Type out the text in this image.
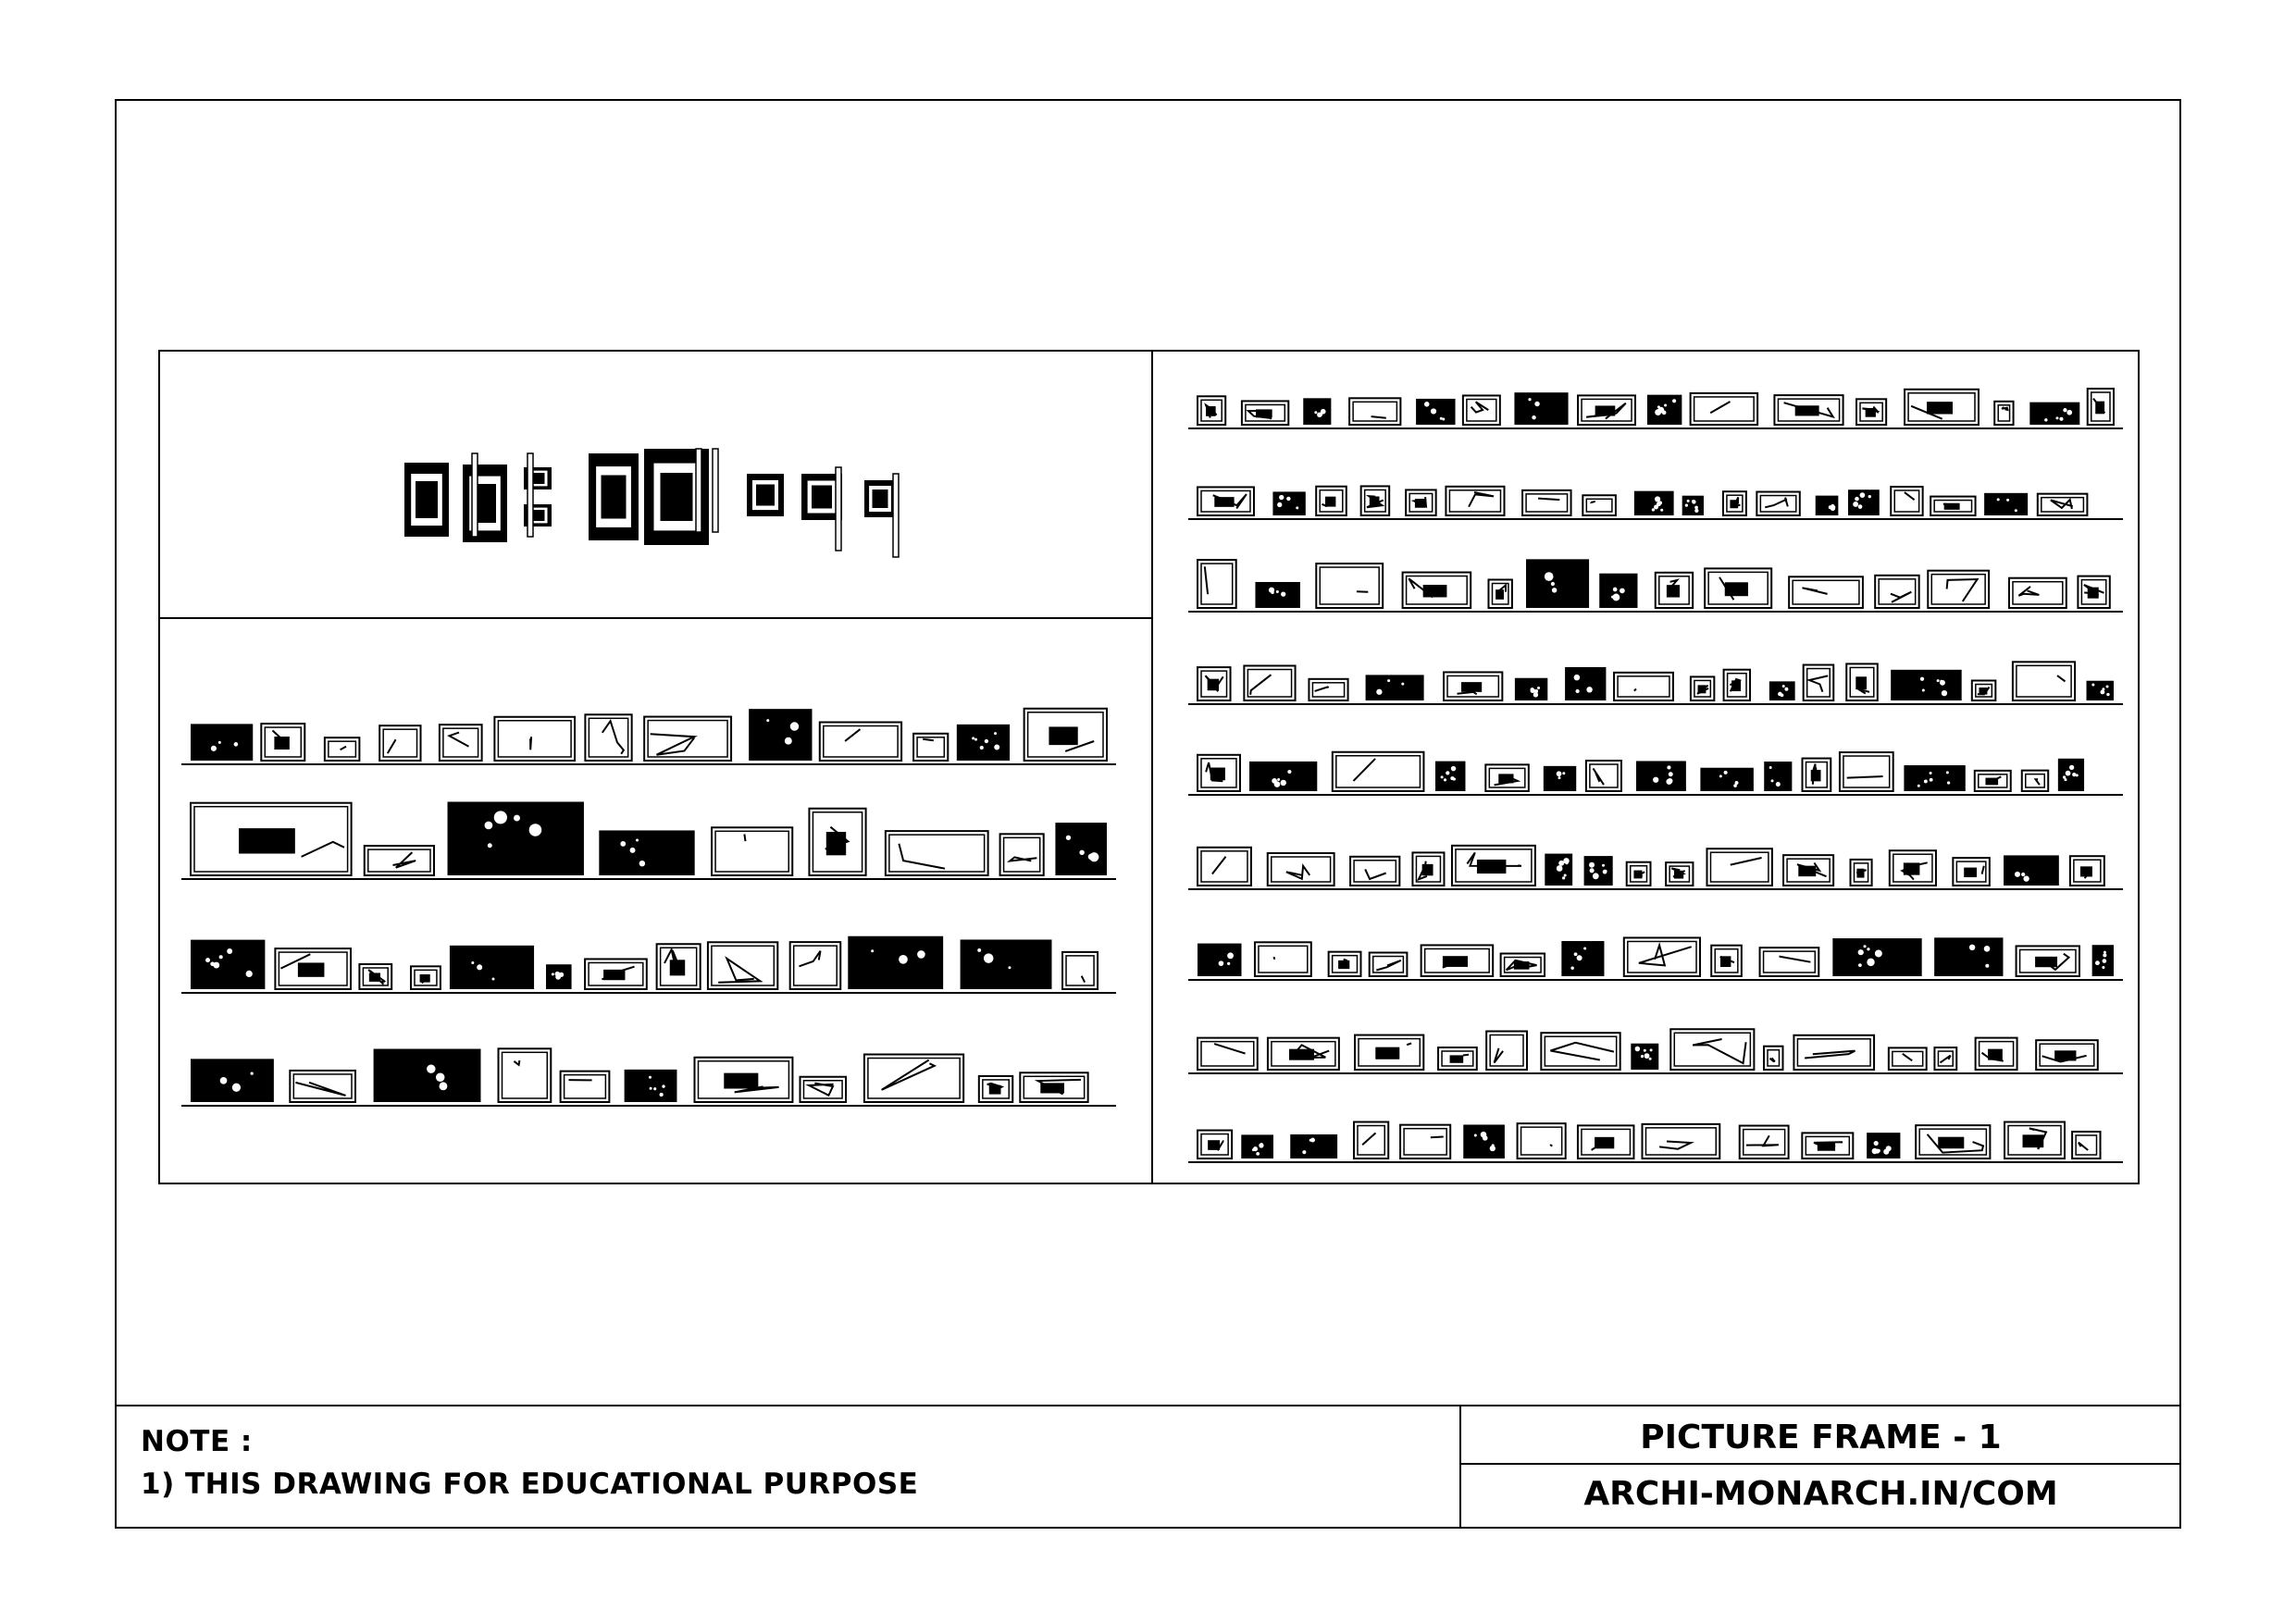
NOTE :
1) THIS DRAWING FOR EDUCATIONAL PURPOSE
PICTURE FRAME - 1
ARCHI-MONARCH.IN/COM
